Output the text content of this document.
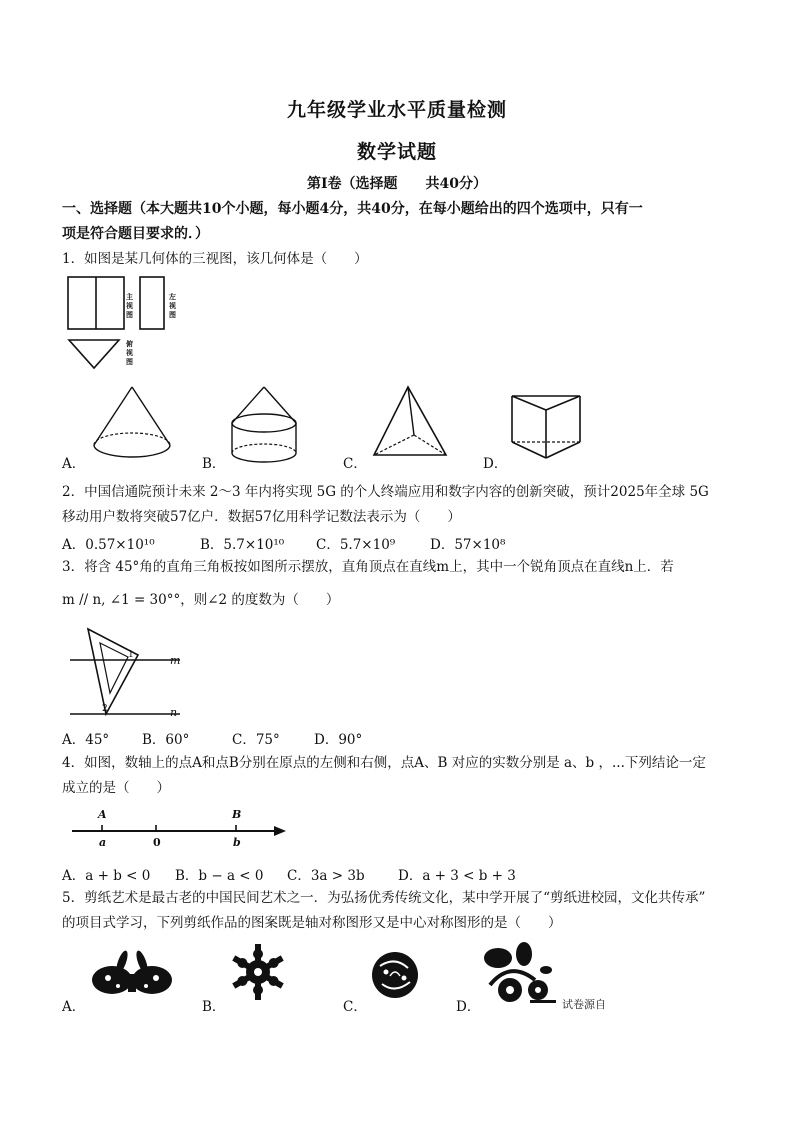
九年级学业水平质量检测
数学试题
第Ⅰ卷（选择题　　共40分）
一、选择题（本大题共10个小题，每小题4分，共40分，在每小题给出的四个选项中，只有一
项是符合题目要求的．）
1．如图是某几何体的三视图，该几何体是（　　）
主视图
左视图
俯视图
A．	B．	C．	D．
2．中国信通院预计未来 2～3 年内将实现 5G 的个人终端应用和数字内容的创新突破，预计2025年全球 5G
移动用户数将突破57亿户．数据57亿用科学记数法表示为（　　）
A．0.57×10¹⁰	B．5.7×10¹⁰ C．5.7×10⁹	D．57×10⁸
3．将含 45°角的直角三角板按如图所示摆放，直角顶点在直线m上，其中一个锐角顶点在直线n上．若
m // n, ∠1 = 30°°，则∠2 的度数为（　　）
m
n
1
2
A．45° B．60°	C．75°	D．90°
4．如图，数轴上的点A和点B分别在原点的左侧和右侧，点A、B 对应的实数分别是 a、b ，...下列结论一定
成立的是（　　）
A	B
a	0	b
A．a + b < 0 B．b − a < 0 C．3a > 3b D．a + 3 < b + 3
5．剪纸艺术是最古老的中国民间艺术之一．为弘扬优秀传统文化，某中学开展了“剪纸进校园，文化共传承”
的项目式学习，下列剪纸作品的图案既是轴对称图形又是中心对称图形的是（　　）
A．	B．	C．	D．	试卷源自
